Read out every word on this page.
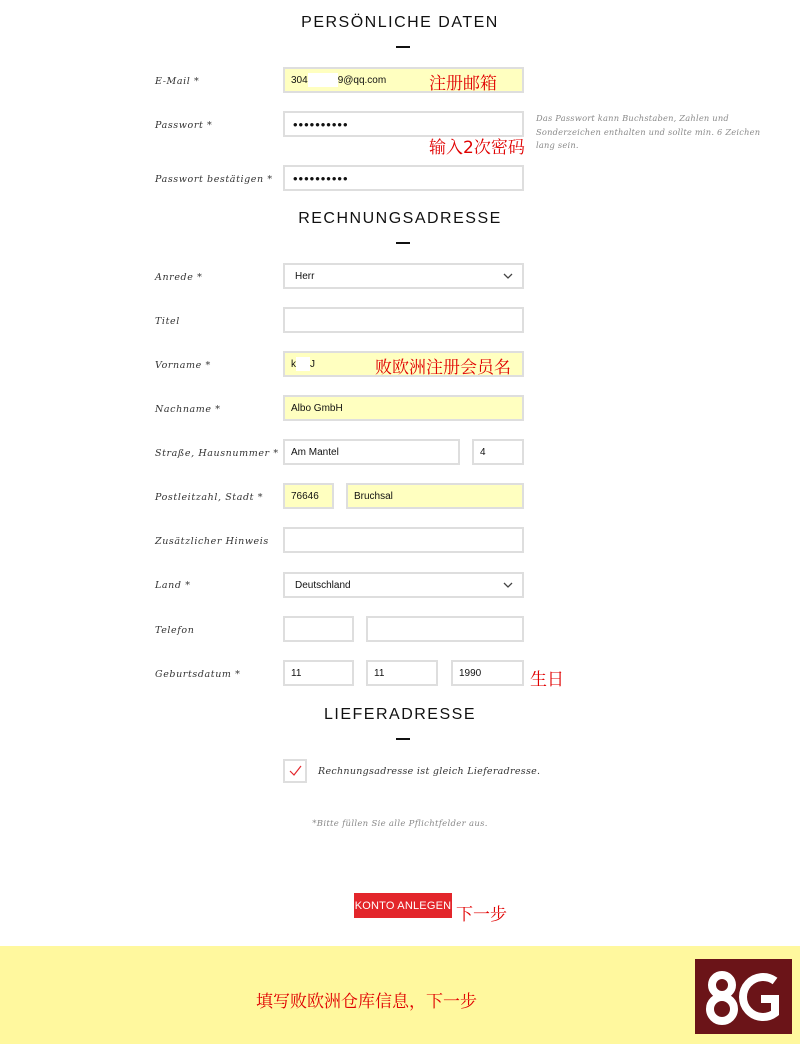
PERSÖNLICHE DATEN
E-Mail *	304	9@qq.com	注册邮箱
Passwort *	••••••••••	Das Passwort kann Buchstaben, Zahlen und Sonderzeichen enthalten und sollte min. 6 Zeichen lang sein.
输入2次密码
Passwort bestätigen *	••••••••••
RECHNUNGSADRESSE
Anrede *	Herr
Titel
Vorname *	k J	败欧洲注册会员名
Nachname *	Albo GmbH
Straße, Hausnummer *	Am Mantel	4
Postleitzahl, Stadt *	76646	Bruchsal
Zusätzlicher Hinweis
Land *	Deutschland
Telefon
Geburtsdatum *	11	11	1990	生日
LIEFERADRESSE
Rechnungsadresse ist gleich Lieferadresse.
*Bitte füllen Sie alle Pflichtfelder aus.
KONTO ANLEGEN 下一步
填写败欧洲仓库信息，下一步
